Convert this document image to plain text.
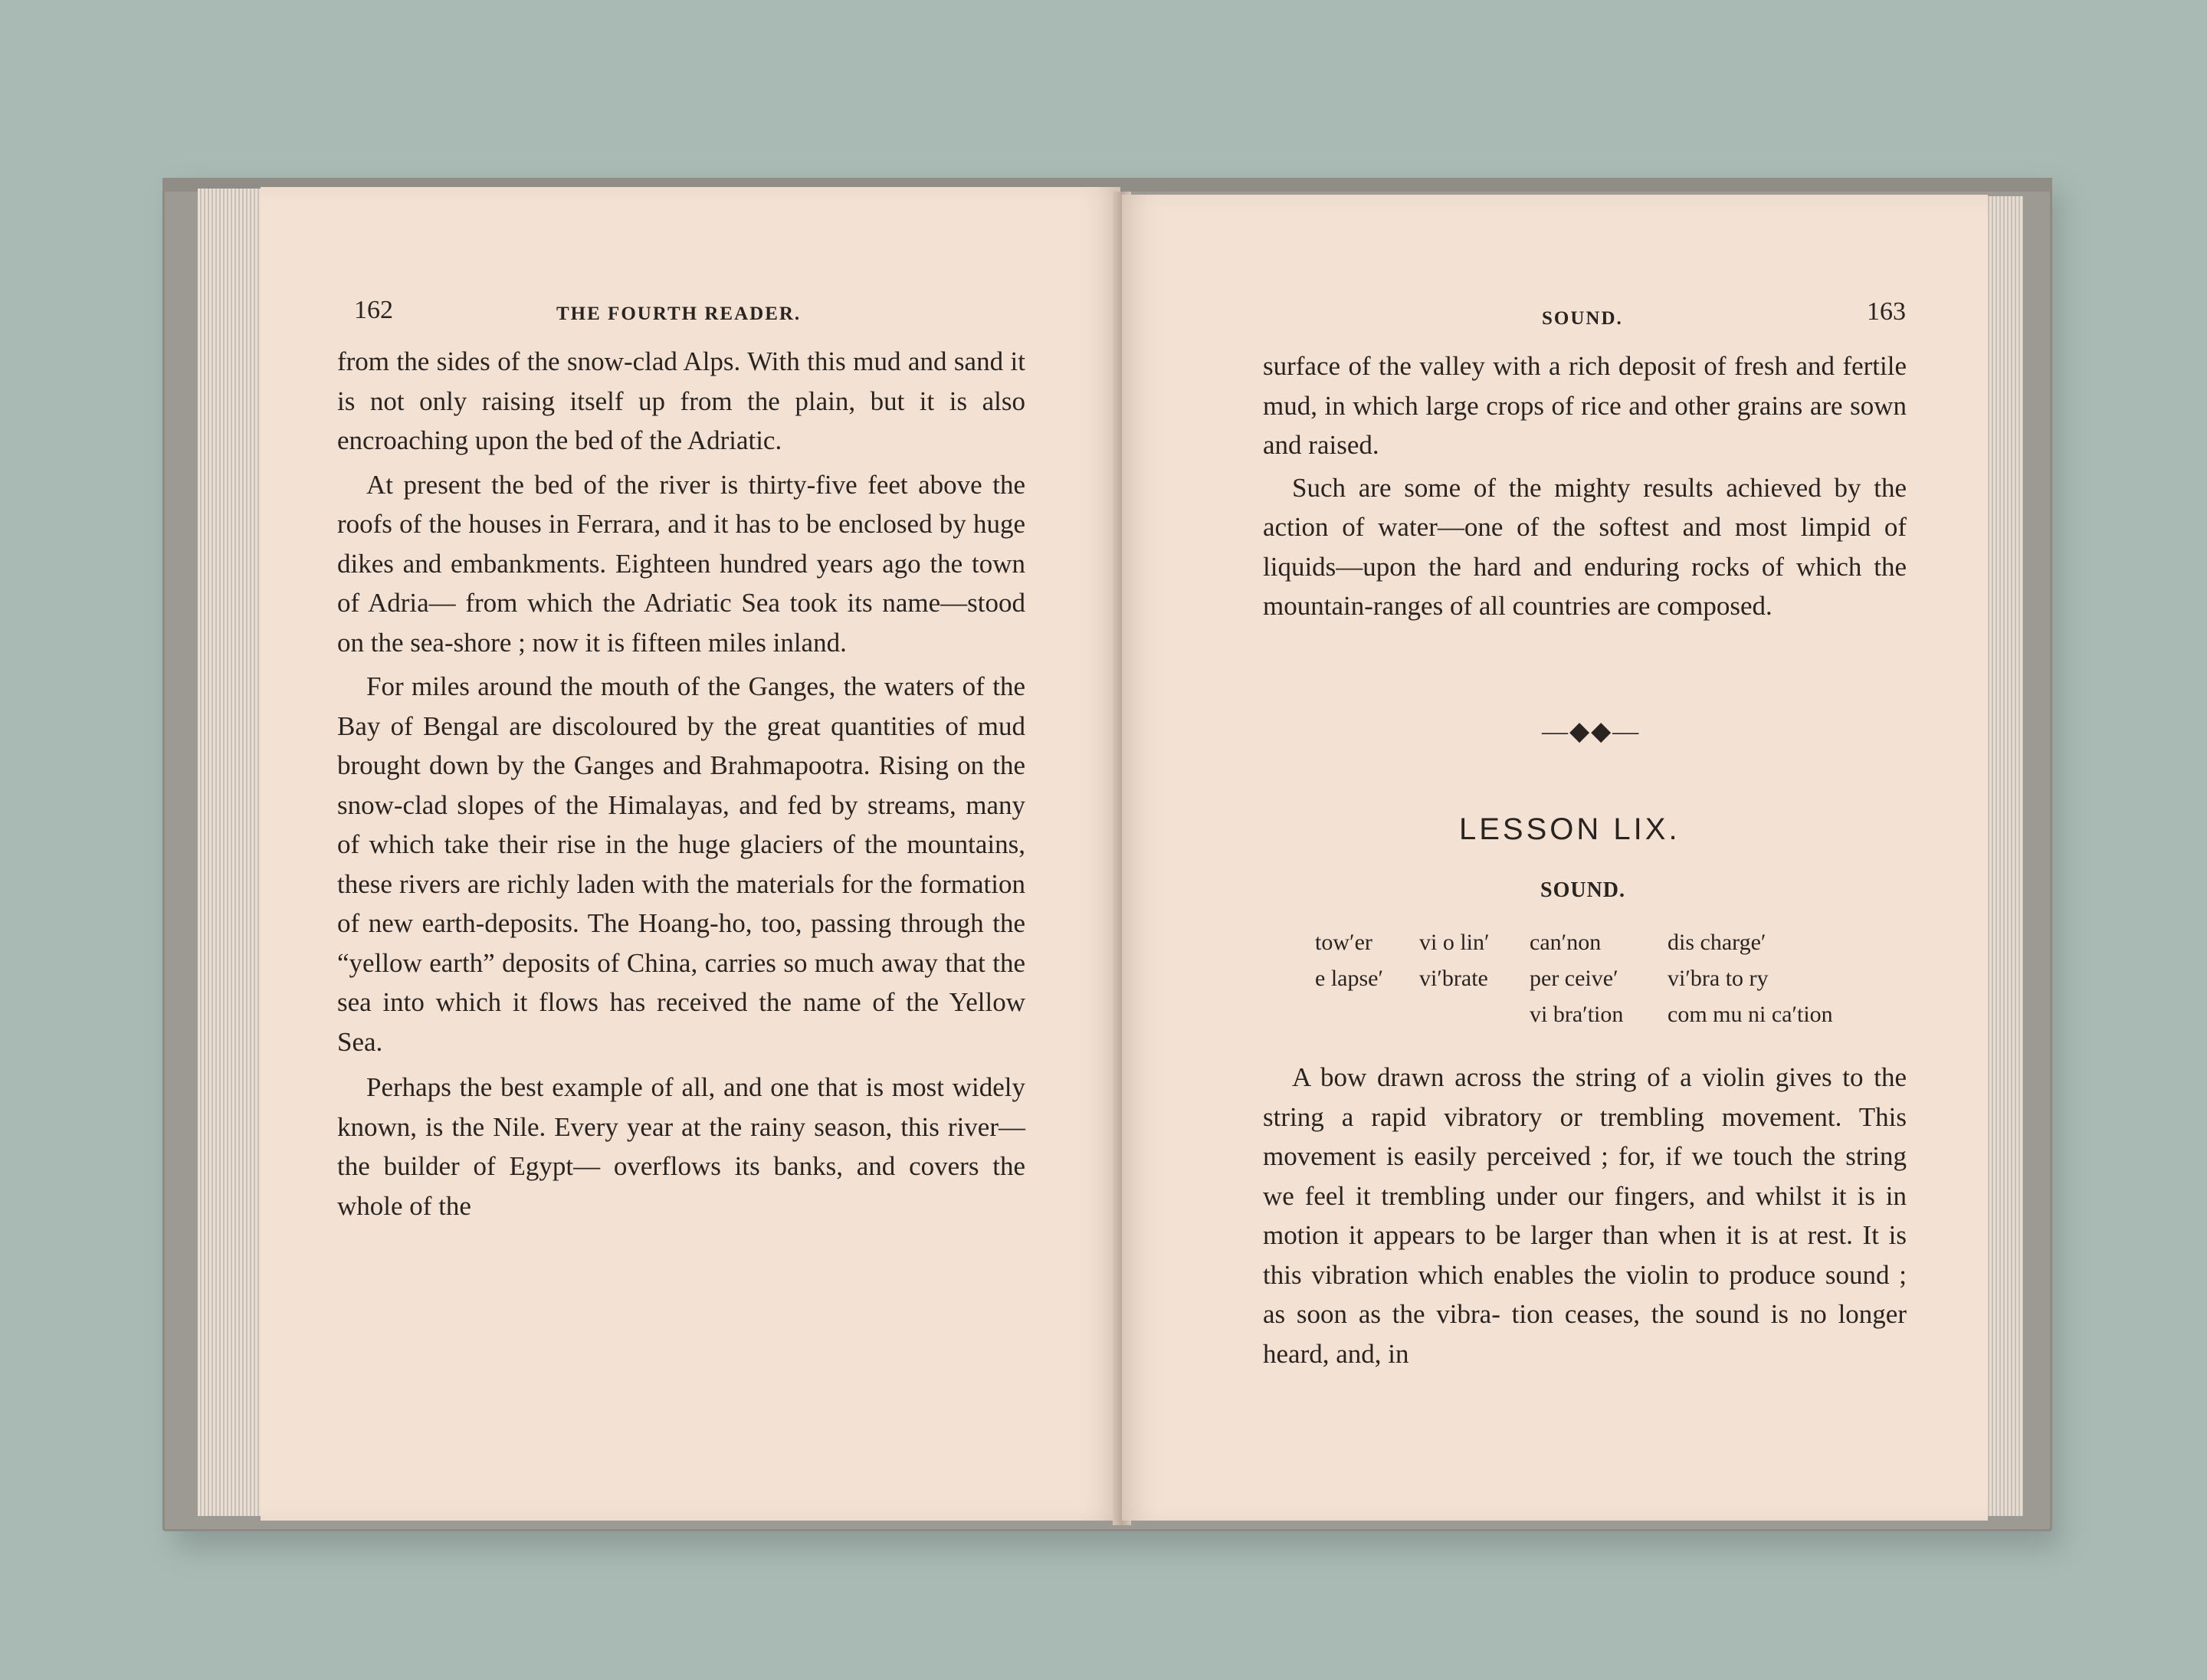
162	THE FOURTH READER.

from the sides of the snow-clad Alps. With this mud and sand it is not only raising itself up from the plain, but it is also encroaching upon the bed of the Adriatic.

At present the bed of the river is thirty-five feet above the roofs of the houses in Ferrara, and it has to be enclosed by huge dikes and embankments. Eighteen hundred years ago the town of Adria— from which the Adriatic Sea took its name—stood on the sea-shore ; now it is fifteen miles inland.

For miles around the mouth of the Ganges, the waters of the Bay of Bengal are discoloured by the great quantities of mud brought down by the Ganges and Brahmapootra. Rising on the snow-clad slopes of the Himalayas, and fed by streams, many of which take their rise in the huge glaciers of the mountains, these rivers are richly laden with the materials for the formation of new earth-deposits. The Hoang-ho, too, passing through the “yellow earth” deposits of China, carries so much away that the sea into which it flows has received the name of the Yellow Sea.

Perhaps the best example of all, and one that is most widely known, is the Nile. Every year at the rainy season, this river—the builder of Egypt— overflows its banks, and covers the whole of the

SOUND.	163

surface of the valley with a rich deposit of fresh and fertile mud, in which large crops of rice and other grains are sown and raised.

Such are some of the mighty results achieved by the action of water—one of the softest and most limpid of liquids—upon the hard and enduring rocks of which the mountain-ranges of all countries are composed.

—◆◆—
LESSON LIX.
SOUND.
tow′er
e lapse′
vi o lin′
vi′brate
can′non
per ceive′
vi bra′tion
dis charge′
vi′bra to ry
com mu ni ca′tion

A bow drawn across the string of a violin gives to the string a rapid vibratory or trembling movement. This movement is easily perceived ; for, if we touch the string we feel it trembling under our fingers, and whilst it is in motion it appears to be larger than when it is at rest. It is this vibration which enables the violin to produce sound ; as soon as the vibra- tion ceases, the sound is no longer heard, and, in
